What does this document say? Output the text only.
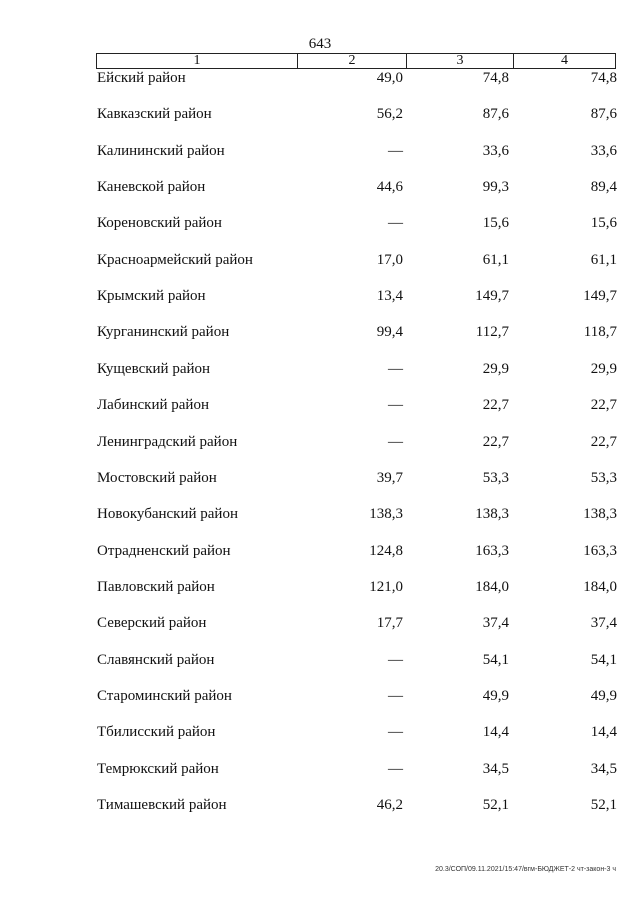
643
1	2	3	4
Ейский район	49,0	74,8	74,8
Кавказский район	56,2	87,6	87,6
Калининский район	—	33,6	33,6
Каневской район	44,6	99,3	89,4
Кореновский район	—	15,6	15,6
Красноармейский район	17,0	61,1	61,1
Крымский район	13,4	149,7	149,7
Курганинский район	99,4	112,7	118,7
Кущевский район	—	29,9	29,9
Лабинский район	—	22,7	22,7
Ленинградский район	—	22,7	22,7
Мостовский район	39,7	53,3	53,3
Новокубанский район	138,3	138,3	138,3
Отрадненский район	124,8	163,3	163,3
Павловский район	121,0	184,0	184,0
Северский район	17,7	37,4	37,4
Славянский район	—	54,1	54,1
Староминский район	—	49,9	49,9
Тбилисский район	—	14,4	14,4
Темрюкский район	—	34,5	34,5
Тимашевский район	46,2	52,1	52,1
20.3/СОП/09.11.2021/15:47/вгм-БЮДЖЕТ-2 чт-закон-3 ч
